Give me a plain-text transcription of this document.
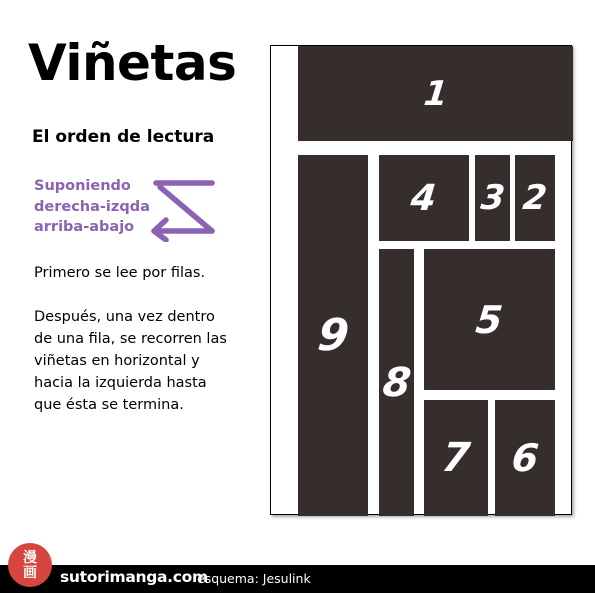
Viñetas
El orden de lectura
Suponiendo
derecha-izqda
arriba-abajo
Primero se lee por filas.
Después, una vez dentro
de una fila, se recorren las
viñetas en horizontal y
hacia la izquierda hasta
que ésta se termina.
1
2
3
4
5
6
7
8
9
漫
画 sutorimanga.com
esquema: Jesulink
